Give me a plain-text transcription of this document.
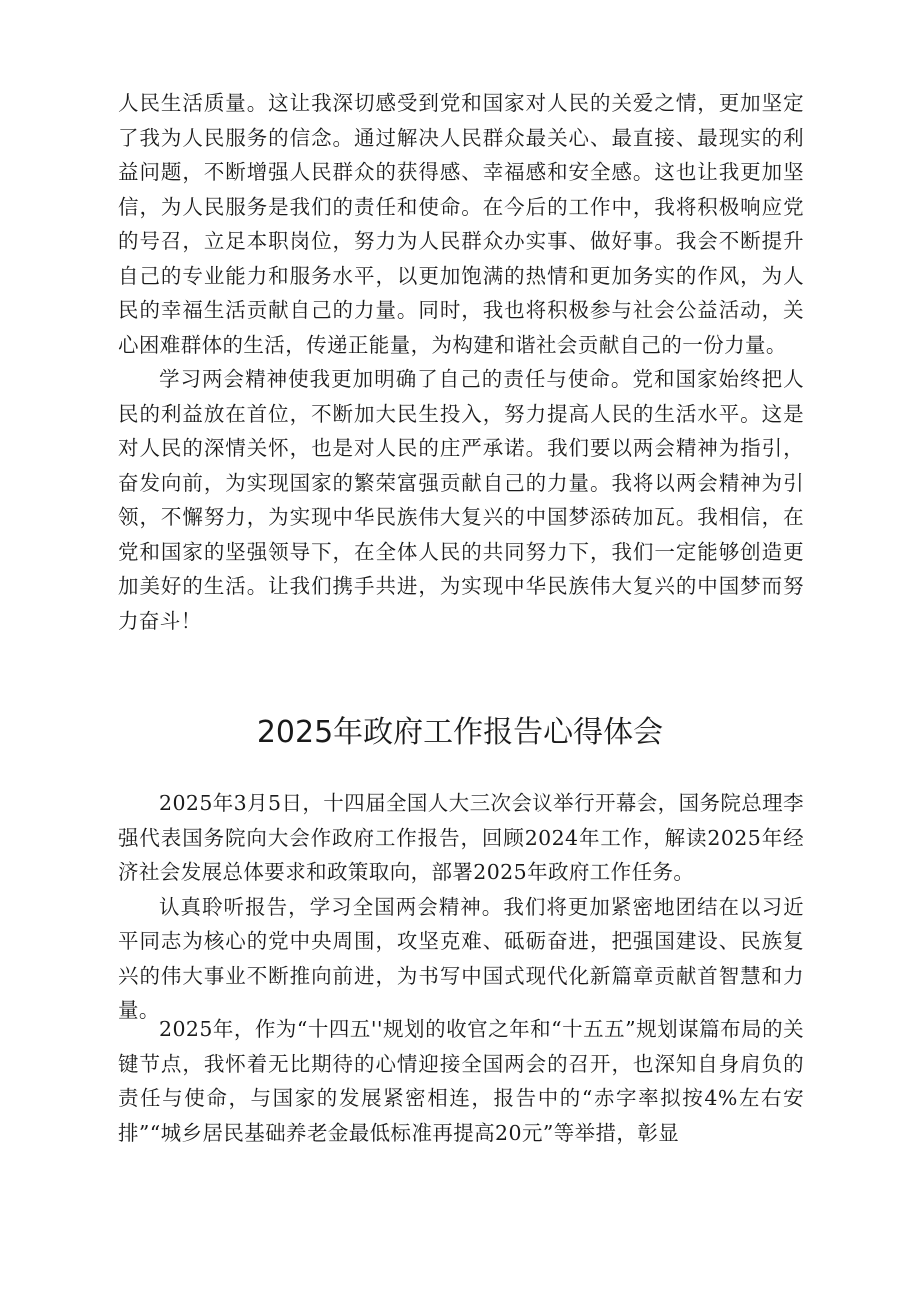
人民生活质量。这让我深切感受到党和国家对人民的关爱之情，更加坚定了我为人民服务的信念。通过解决人民群众最关心、最直接、最现实的利益问题，不断增强人民群众的获得感、幸福感和安全感。这也让我更加坚信，为人民服务是我们的责任和使命。在今后的工作中，我将积极响应党的号召，立足本职岗位，努力为人民群众办实事、做好事。我会不断提升自己的专业能力和服务水平，以更加饱满的热情和更加务实的作风，为人民的幸福生活贡献自己的力量。同时，我也将积极参与社会公益活动，关心困难群体的生活，传递正能量，为构建和谐社会贡献自己的一份力量。

学习两会精神使我更加明确了自己的责任与使命。党和国家始终把人民的利益放在首位，不断加大民生投入，努力提高人民的生活水平。这是对人民的深情关怀，也是对人民的庄严承诺。我们要以两会精神为指引，奋发向前，为实现国家的繁荣富强贡献自己的力量。我将以两会精神为引领，不懈努力，为实现中华民族伟大复兴的中国梦添砖加瓦。我相信，在党和国家的坚强领导下，在全体人民的共同努力下，我们一定能够创造更加美好的生活。让我们携手共进，为实现中华民族伟大复兴的中国梦而努力奋斗！

2025年政府工作报告心得体会

2025年3月5日，十四届全国人大三次会议举行开幕会，国务院总理李强代表国务院向大会作政府工作报告，回顾2024年工作，解读2025年经济社会发展总体要求和政策取向，部署2025年政府工作任务。

认真聆听报告，学习全国两会精神。我们将更加紧密地团结在以习近平同志为核心的党中央周围，攻坚克难、砥砺奋进，把强国建设、民族复兴的伟大事业不断推向前进，为书写中国式现代化新篇章贡献首智慧和力量。

2025年，作为“十四五''规划的收官之年和“十五五”规划谋篇布局的关键节点，我怀着无比期待的心情迎接全国两会的召开，也深知自身肩负的责任与使命，与国家的发展紧密相连，报告中的“赤字率拟按4%左右安排”“城乡居民基础养老金最低标准再提高20元”等举措，彰显
